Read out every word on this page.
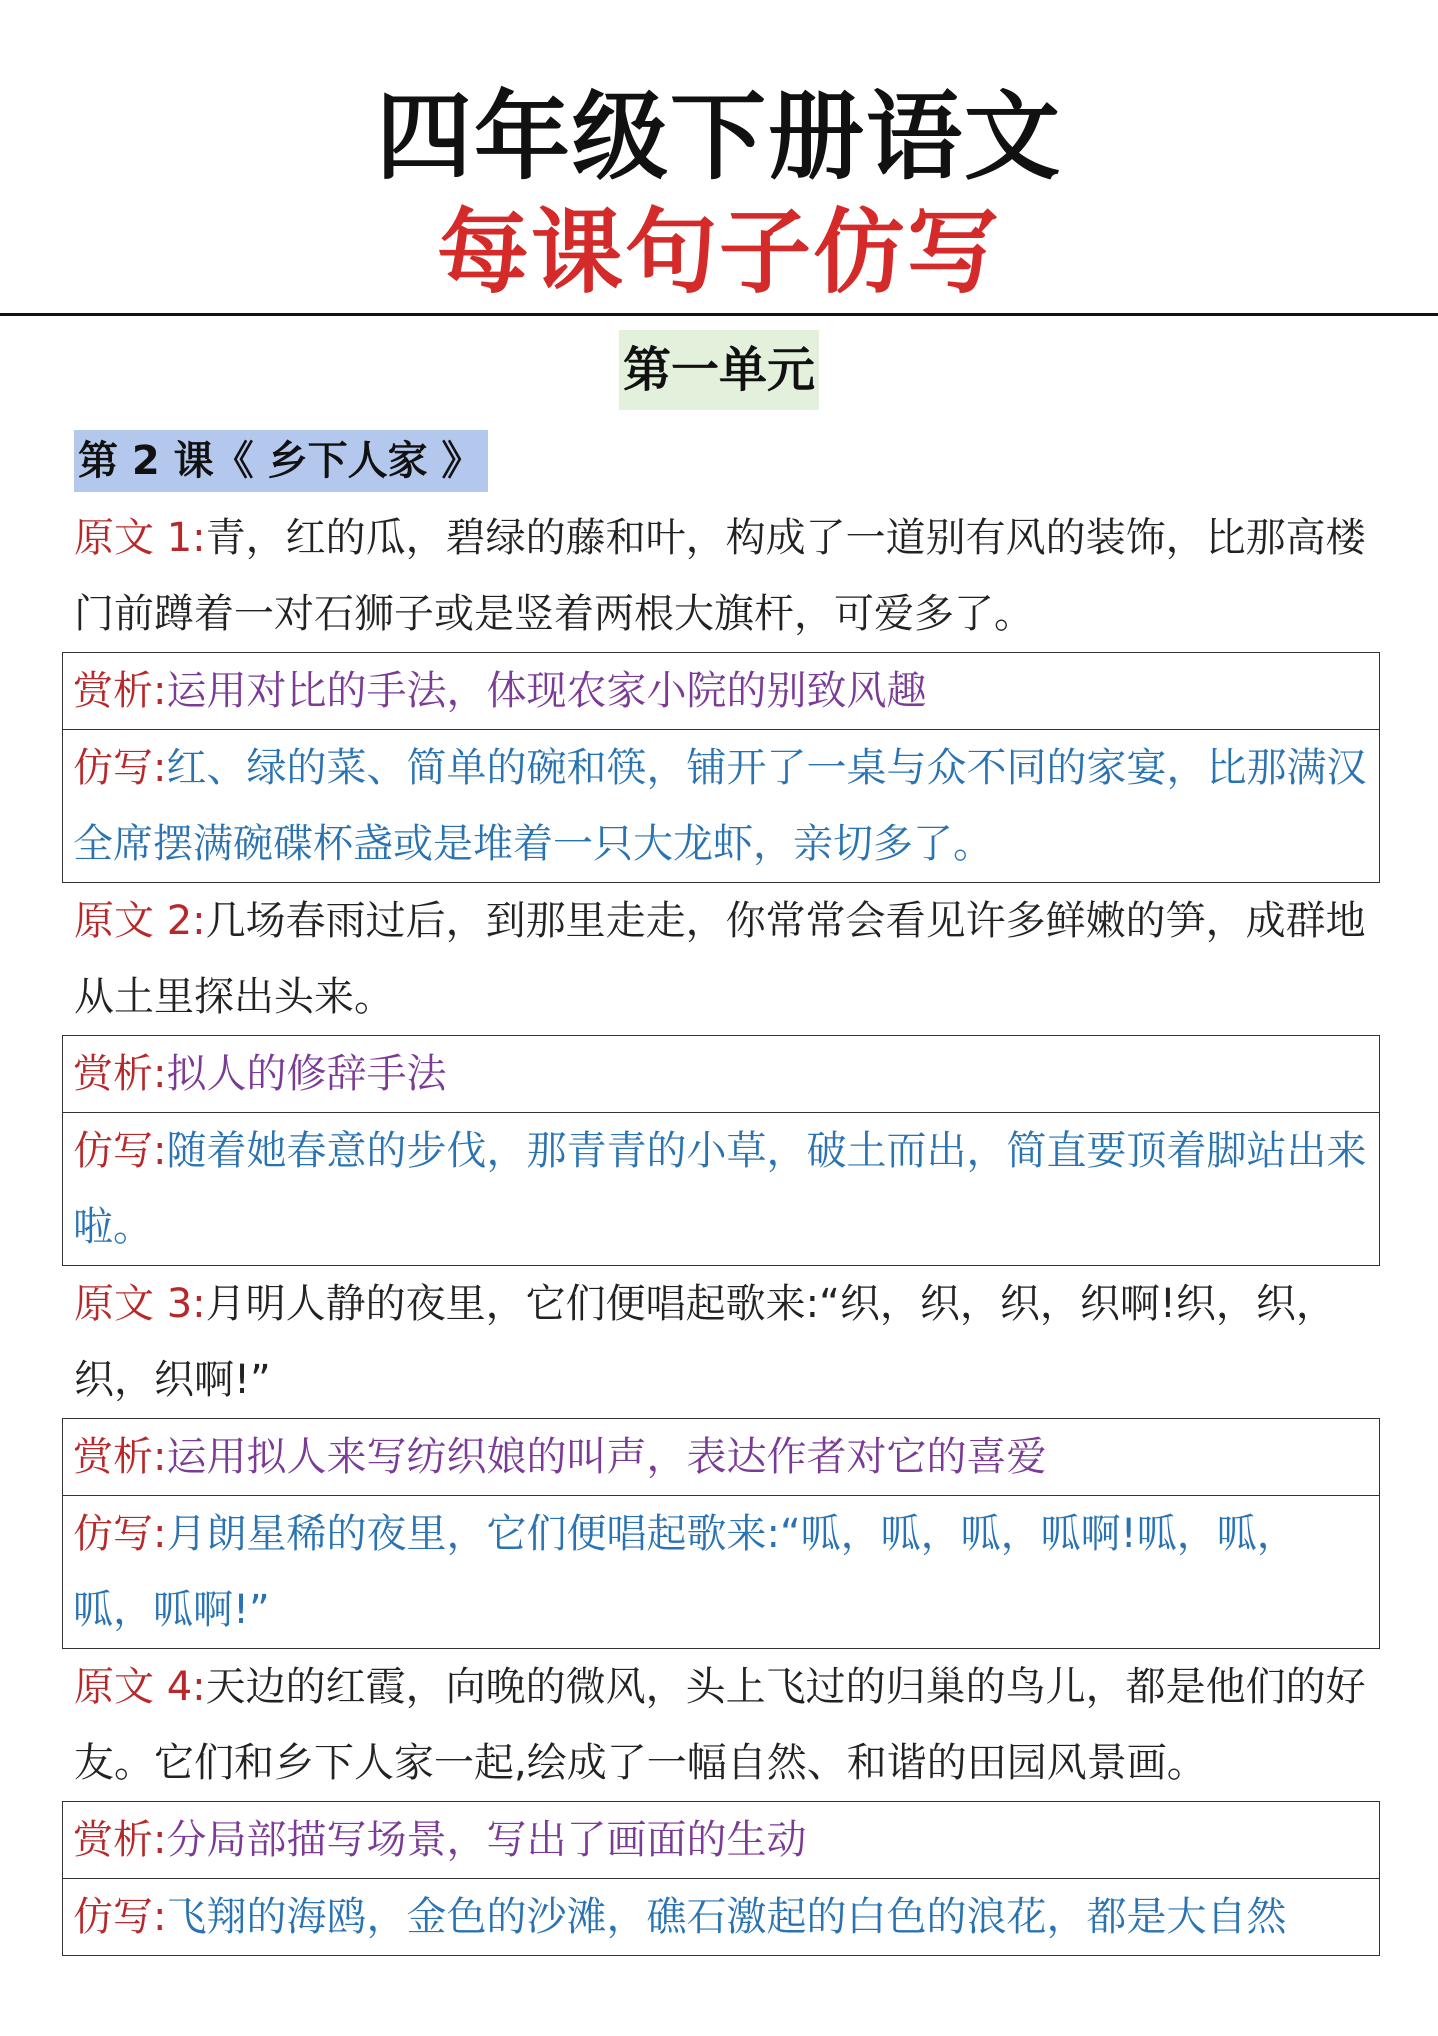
四年级下册语文
每课句子仿写
第一单元
第 2 课《 乡下人家 》
原文 1:青，红的瓜，碧绿的藤和叶，构成了一道别有风的装饰，比那高楼门前蹲着一对石狮子或是竖着两根大旗杆，可爱多了。
赏析:运用对比的手法，体现农家小院的别致风趣
仿写:红、绿的菜、简单的碗和筷，铺开了一桌与众不同的家宴，比那满汉全席摆满碗碟杯盏或是堆着一只大龙虾，亲切多了。
原文 2:几场春雨过后，到那里走走，你常常会看见许多鲜嫩的笋，成群地从土里探出头来。
赏析:拟人的修辞手法
仿写:随着她春意的步伐，那青青的小草，破土而出，简直要顶着脚站出来啦。
原文 3:月明人静的夜里，它们便唱起歌来:“织，织，织，织啊!织，织，织，织啊!”
赏析:运用拟人来写纺织娘的叫声，表达作者对它的喜爱
仿写:月朗星稀的夜里，它们便唱起歌来:“呱，呱，呱，呱啊!呱，呱，呱，呱啊!”
原文 4:天边的红霞，向晚的微风，头上飞过的归巢的鸟儿，都是他们的好友。它们和乡下人家一起,绘成了一幅自然、和谐的田园风景画。
赏析:分局部描写场景，写出了画面的生动
仿写:飞翔的海鸥，金色的沙滩，礁石激起的白色的浪花，都是大自然
